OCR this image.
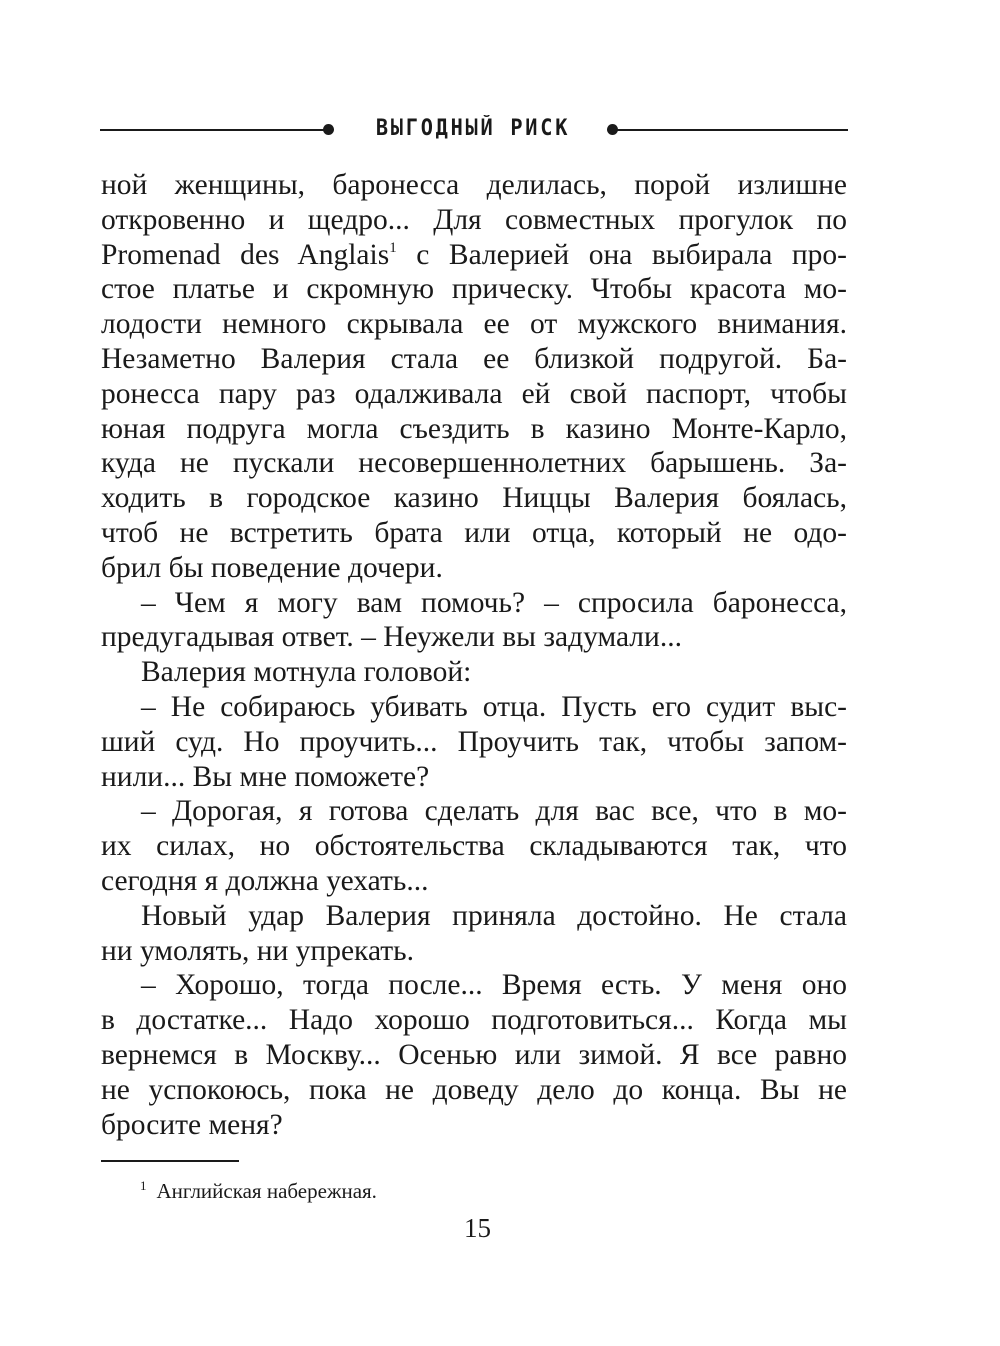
ВЫГОДНЫЙ РИСК
ной женщины, баронесса делилась, порой излишне
откровенно и щедро... Для совместных прогулок по
Promenad des Anglais$^1$ с Валерией она выбирала про-
стое платье и скромную прическу. Чтобы красота мо-
лодости немного скрывала ее от мужского внимания.
Незаметно Валерия стала ее близкой подругой. Ба-
ронесса пару раз одалживала ей свой паспорт, чтобы
юная подруга могла съездить в казино Монте-Карло,
куда не пускали несовершеннолетних барышень. За-
ходить в городское казино Ниццы Валерия боялась,
чтоб не встретить брата или отца, который не одо-
брил бы поведение дочери.
– Чем я могу вам помочь? – спросила баронесса,
предугадывая ответ. – Неужели вы задумали...
Валерия мотнула головой:
– Не собираюсь убивать отца. Пусть его судит выс-
ший суд. Но проучить... Проучить так, чтобы запом-
нили... Вы мне поможете?
– Дорогая, я готова сделать для вас все, что в мо-
их силах, но обстоятельства складываются так, что
сегодня я должна уехать...
Новый удар Валерия приняла достойно. Не стала
ни умолять, ни упрекать.
– Хорошо, тогда после... Время есть. У меня оно
в достатке... Надо хорошо подготовиться... Когда мы
вернемся в Москву... Осенью или зимой. Я все равно
не успокоюсь, пока не доведу дело до конца. Вы не
бросите меня?
$^1$ Английская набережная.
15
